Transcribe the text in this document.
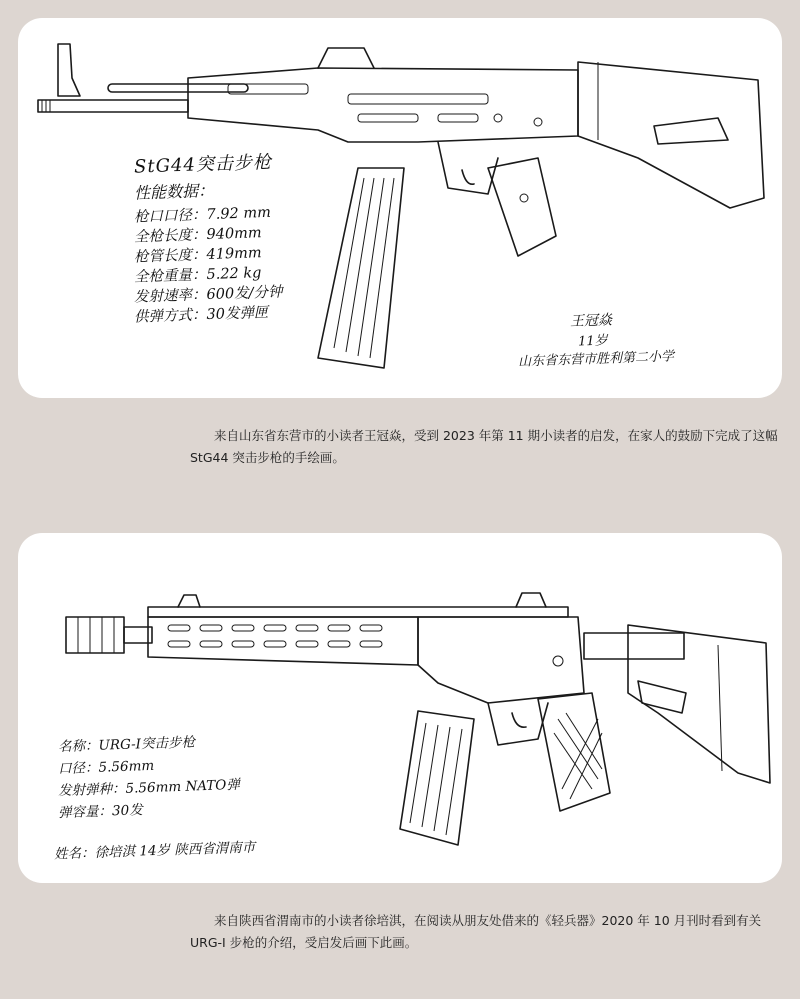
StG44突击步枪
性能数据：
枪口口径：7.92 mm
全枪长度：940mm
枪管长度：419mm
全枪重量：5.22 kg
发射速率：600发/分钟
供弹方式：30发弹匣	王冠焱
11岁
山东省东营市胜利第二小学

来自山东省东营市的小读者王冠焱，受到 2023 年第 11 期小读者的启发，在家人的鼓励下完成了这幅 StG44 突击步枪的手绘画。

名称：URG-I突击步枪
口径：5.56mm
发射弹种：5.56mm NATO弹
弹容量：30发
姓名：徐培淇 14岁 陕西省渭南市

来自陕西省渭南市的小读者徐培淇，在阅读从朋友处借来的《轻兵器》2020 年 10 月刊时看到有关 URG-I 步枪的介绍，受启发后画下此画。
